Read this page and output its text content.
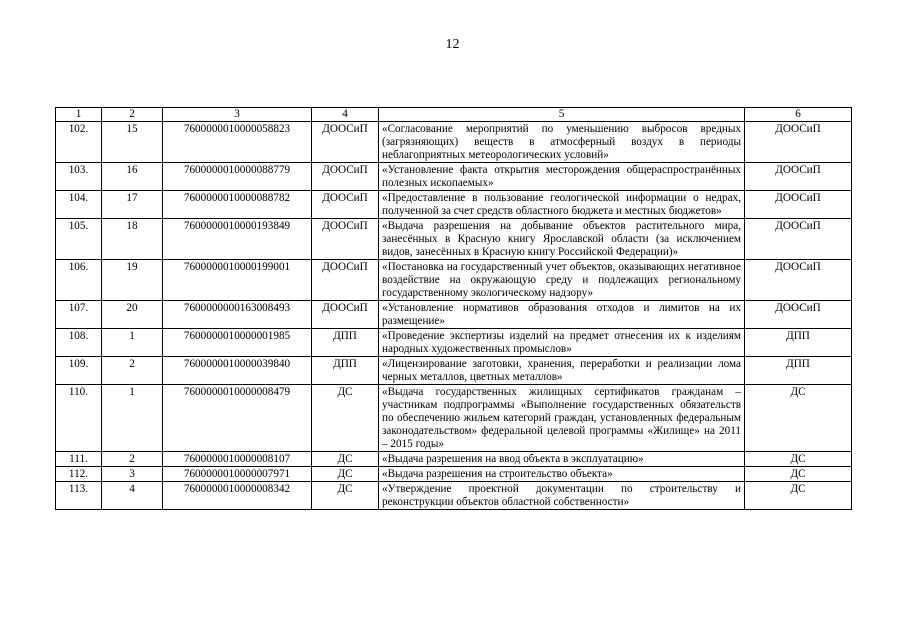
12
1	2	3	4	5	6
102.	15	7600000010000058823	ДООСиП	«Согласование мероприятий по уменьшению выбросов вредных (загрязняющих) веществ в атмосферный воздух в периоды неблагоприятных метеорологических условий»	ДООСиП
103.	16	7600000010000088779	ДООСиП	«Установление факта открытия месторождения общераспространённых полезных ископаемых»	ДООСиП
104.	17	7600000010000088782	ДООСиП	«Предоставление в пользование геологической информации о недрах, полученной за счет средств областного бюджета и местных бюджетов»	ДООСиП
105.	18	7600000010000193849	ДООСиП	«Выдача разрешения на добывание объектов растительного мира, занесённых в Красную книгу Ярославской области (за исключением видов, занесённых в Красную книгу Российской Федерации)»	ДООСиП
106.	19	7600000010000199001	ДООСиП	«Постановка на государственный учет объектов, оказывающих негативное воздействие на окружающую среду и подлежащих региональному государственному экологическому надзору»	ДООСиП
107.	20	7600000000163008493	ДООСиП	«Установление нормативов образования отходов и лимитов на их размещение»	ДООСиП
108.	1	7600000010000001985	ДПП	«Проведение экспертизы изделий на предмет отнесения их к изделиям народных художественных промыслов»	ДПП
109.	2	7600000010000039840	ДПП	«Лицензирование заготовки, хранения, переработки и реализации лома черных металлов, цветных металлов»	ДПП
110.	1	7600000010000008479	ДС	«Выдача государственных жилищных сертификатов гражданам – участникам подпрограммы «Выполнение государственных обязательств по обеспечению жильем категорий граждан, установленных федеральным законодательством» федеральной целевой программы «Жилище» на 2011 – 2015 годы»	ДС
111.	2	7600000010000008107	ДС	«Выдача разрешения на ввод объекта в эксплуатацию»	ДС
112.	3	7600000010000007971	ДС	«Выдача разрешения на строительство объекта»	ДС
113.	4	7600000010000008342	ДС	«Утверждение проектной документации по строительству и реконструкции объектов областной собственности»	ДС
